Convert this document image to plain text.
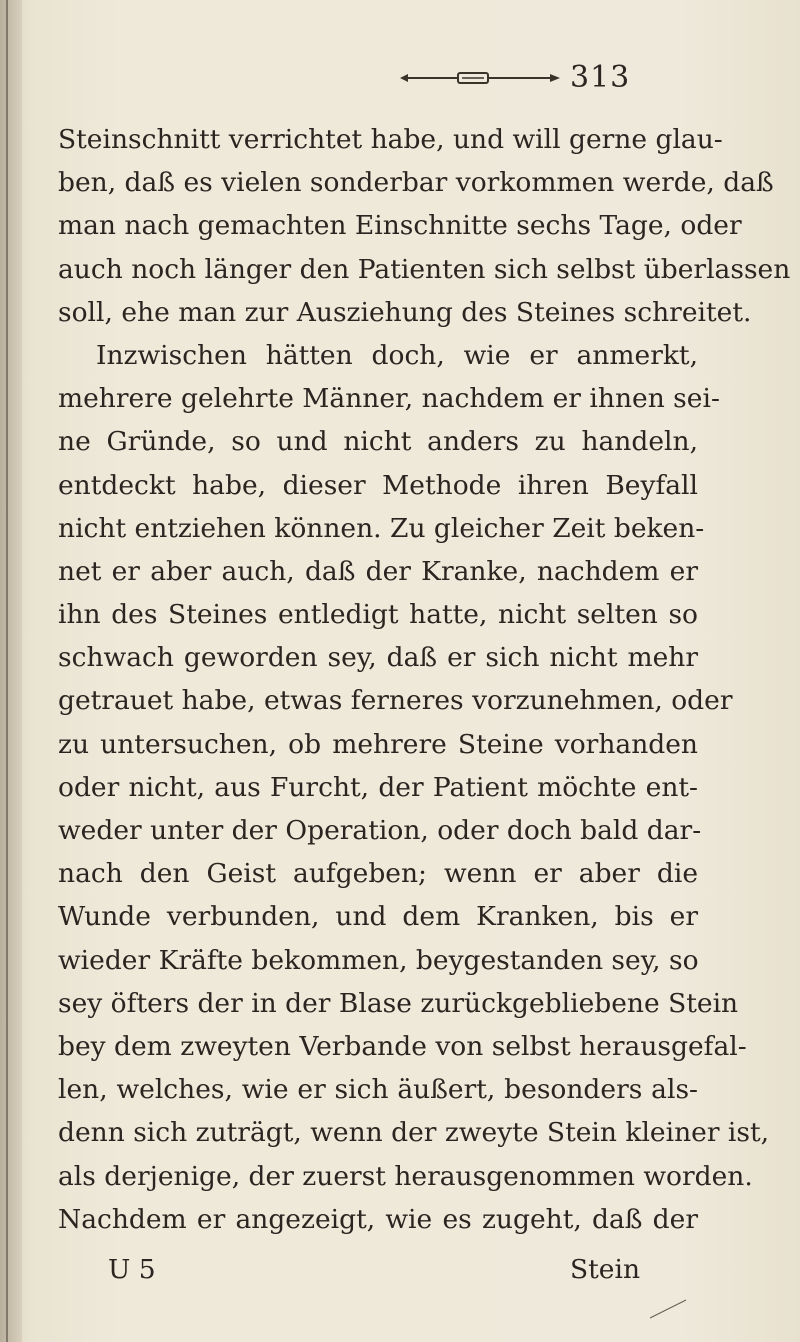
313
Steinschnitt verrichtet habe, und will gerne glau-
ben, daß es vielen sonderbar vorkommen werde, daß
man nach gemachten Einschnitte sechs Tage, oder
auch noch länger den Patienten sich selbst überlassen
soll, ehe man zur Ausziehung des Steines schreitet.
Inzwischen hätten doch, wie er anmerkt,
mehrere gelehrte Männer, nachdem er ihnen sei-
ne Gründe, so und nicht anders zu handeln,
entdeckt habe, dieser Methode ihren Beyfall
nicht entziehen können. Zu gleicher Zeit beken-
net er aber auch, daß der Kranke, nachdem er
ihn des Steines entledigt hatte, nicht selten so
schwach geworden sey, daß er sich nicht mehr
getrauet habe, etwas ferneres vorzunehmen, oder
zu untersuchen, ob mehrere Steine vorhanden
oder nicht, aus Furcht, der Patient möchte ent-
weder unter der Operation, oder doch bald dar-
nach den Geist aufgeben; wenn er aber die
Wunde verbunden, und dem Kranken, bis er
wieder Kräfte bekommen, beygestanden sey, so
sey öfters der in der Blase zurückgebliebene Stein
bey dem zweyten Verbande von selbst herausgefal-
len, welches, wie er sich äußert, besonders als-
denn sich zuträgt, wenn der zweyte Stein kleiner ist,
als derjenige, der zuerst herausgenommen worden.
Nachdem er angezeigt, wie es zugeht, daß der
U 5	Stein
